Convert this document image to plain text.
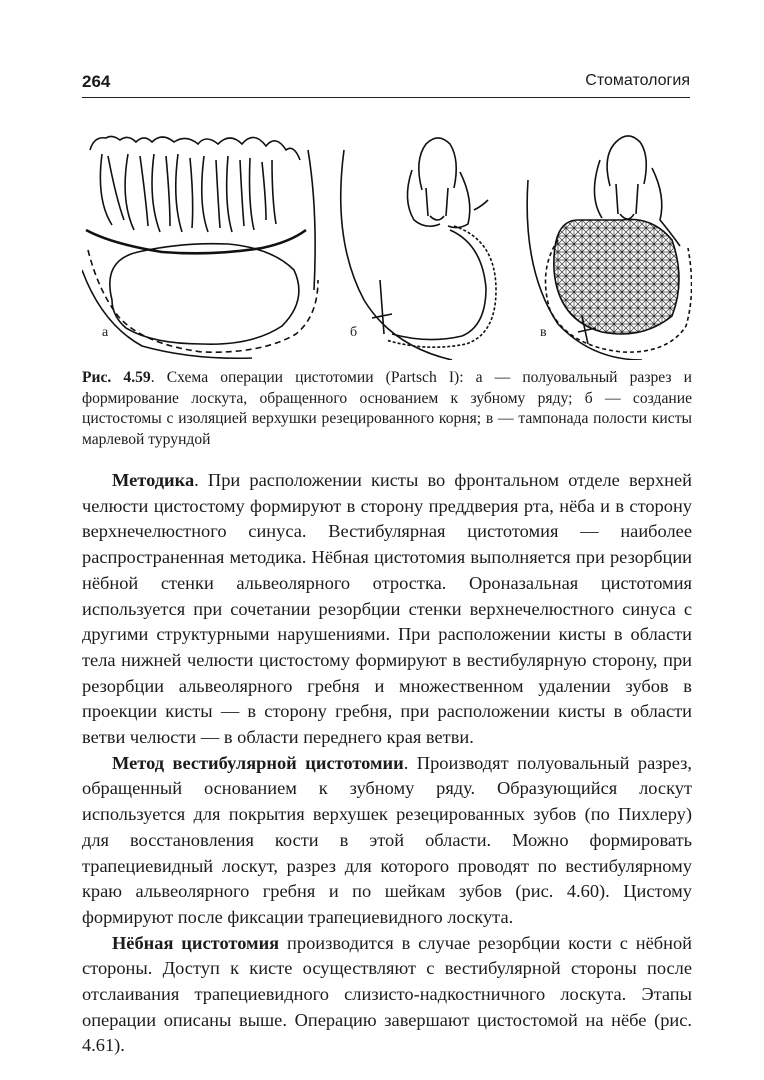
264	Стоматология
а	б	в
Рис. 4.59. Схема операции цистотомии (Partsch I): а — полуовальный разрез и формирование лоскута, обращенного основанием к зубному ряду; б — создание цистостомы с изоляцией верхушки резецированного корня; в — тампонада полости кисты марлевой турундой

Методика. При расположении кисты во фронтальном отделе верхней челюсти цистостому формируют в сторону преддверия рта, нёба и в сторону верхнечелюстного синуса. Вестибулярная цистотомия — наиболее распространенная методика. Нёбная цистотомия выполняется при резорбции нёбной стенки альвеолярного отростка. Ороназальная цистотомия используется при сочетании резорбции стенки верхнечелюстного синуса с другими структурными нарушениями. При расположении кисты в области тела нижней челюсти цистостому формируют в вестибулярную сторону, при резорбции альвеолярного гребня и множественном удалении зубов в проекции кисты — в сторону гребня, при расположении кисты в области ветви челюсти — в области переднего края ветви.

Метод вестибулярной цистотомии. Производят полуовальный разрез, обращенный основанием к зубному ряду. Образующийся лоскут используется для покрытия верхушек резецированных зубов (по Пихлеру) для восстановления кости в этой области. Можно формировать трапециевидный лоскут, разрез для которого проводят по вестибулярному краю альвеолярного гребня и по шейкам зубов (рис. 4.60). Цистому формируют после фиксации трапециевидного лоскута.

Нёбная цистотомия производится в случае резорбции кости с нёбной стороны. Доступ к кисте осуществляют с вестибулярной стороны после отслаивания трапециевидного слизисто-надкостничного лоскута. Этапы операции описаны выше. Операцию завершают цистостомой на нёбе (рис. 4.61).
